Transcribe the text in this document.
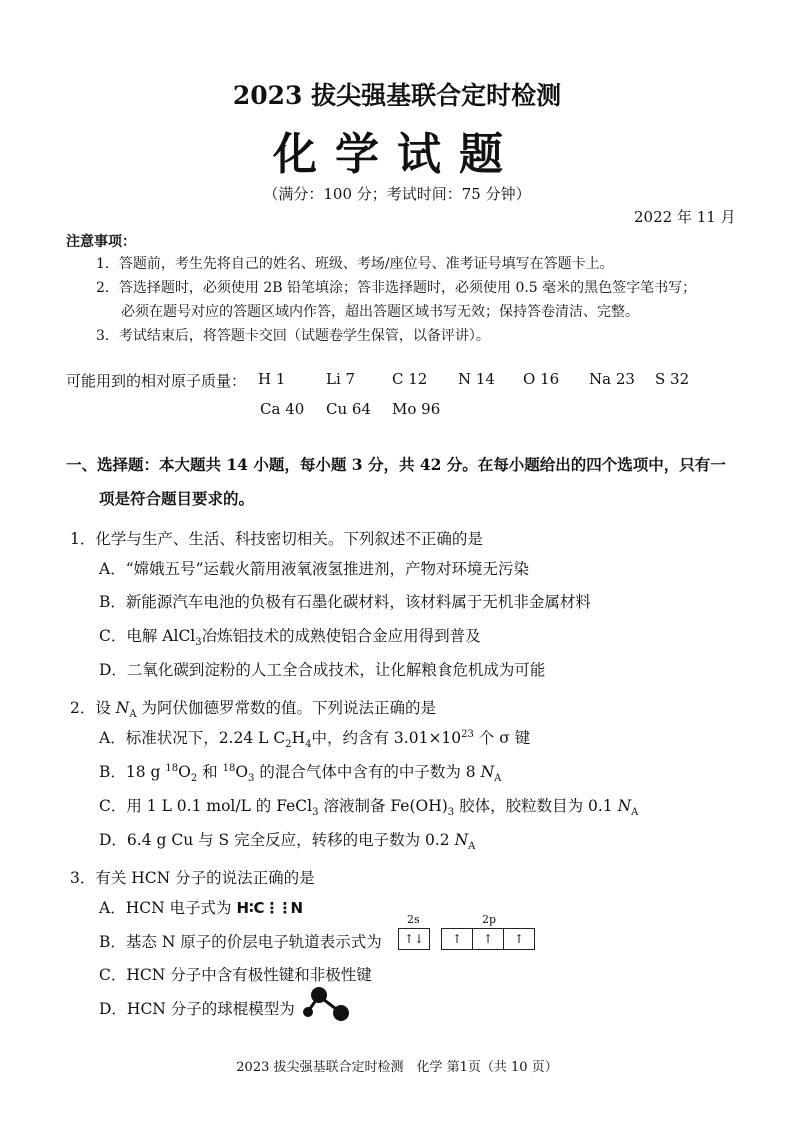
2023 拔尖强基联合定时检测
化学试题
（满分：100 分；考试时间：75 分钟）
2022 年 11 月
注意事项：
1．答题前，考生先将自己的姓名、班级、考场/座位号、准考证号填写在答题卡上。
2．答选择题时，必须使用 2B 铅笔填涂；答非选择题时，必须使用 0.5 毫米的黑色签字笔书写；
必须在题号对应的答题区域内作答，超出答题区域书写无效；保持答卷清洁、完整。
3．考试结束后，将答题卡交回（试题卷学生保管，以备评讲）。
可能用到的相对原子质量： H 1	Li 7 C 12 N 14 O 16 Na 23 S 32
Ca 40 Cu 64 Mo 96
一、选择题：本大题共 14 小题，每小题 3 分，共 42 分。在每小题给出的四个选项中，只有一
项是符合题目要求的。
1．化学与生产、生活、科技密切相关。下列叙述不正确的是
A．“嫦娥五号”运载火箭用液氧液氢推进剂，产物对环境无污染
B．新能源汽车电池的负极有石墨化碳材料，该材料属于无机非金属材料
C．电解 AlCl$_3$冶炼铝技术的成熟使铝合金应用得到普及
D．二氧化碳到淀粉的人工全合成技术，让化解粮食危机成为可能
2．设 $N_A$ 为阿伏伽德罗常数的值。下列说法正确的是
A．标准状况下，2.24 L $C_2H_4$中，约含有 $3.01\times 10^{23}$ 个 σ 键
B．18 g $^{18}O_2$ 和 $^{18}O_3$ 的混合气体中含有的中子数为 8 $N_A$
C．用 1 L 0.1 mol/L 的 FeCl$_3$ 溶液制备 $Fe(OH)_3$ 胶体，胶粒数目为 0.1 $N_A$
D．6.4 g Cu 与 S 完全反应，转移的电子数为 0.2 $N_A$
3．有关 HCN 分子的说法正确的是
A．HCN 电子式为 H∶C⋮⋮N
B．基态 N 原子的价层电子轨道表示式为
2s	2p
↑↓	↑	↑	↑
C．HCN 分子中含有极性键和非极性键
D．HCN 分子的球棍模型为
2023 拔尖强基联合定时检测　化学 第1页（共 10 页）
